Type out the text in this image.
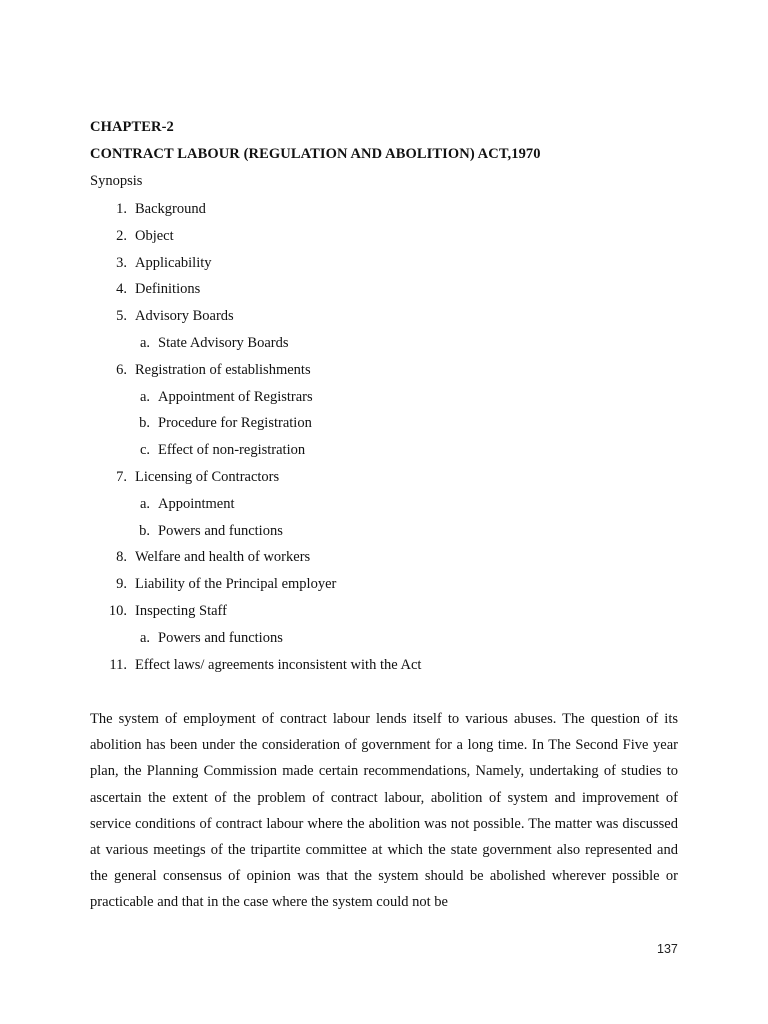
CHAPTER-2
CONTRACT LABOUR (REGULATION AND ABOLITION) ACT,1970
Synopsis
1. Background
2. Object
3. Applicability
4. Definitions
5. Advisory Boards
a. State Advisory Boards
6. Registration of establishments
a. Appointment of Registrars
b. Procedure for Registration
c. Effect of non-registration
7. Licensing of Contractors
a. Appointment
b. Powers and functions
8. Welfare and health of workers
9. Liability of the Principal employer
10. Inspecting Staff
a. Powers and functions
11. Effect laws/ agreements inconsistent with the Act

The system of employment of contract labour lends itself to various abuses. The question of its abolition has been under the consideration of government for a long time. In The Second Five year plan, the Planning Commission made certain recommendations, Namely, undertaking of studies to ascertain the extent of the problem of contract labour, abolition of system and improvement of service conditions of contract labour where the abolition was not possible. The matter was discussed at various meetings of the tripartite committee at which the state government also represented and the general consensus of opinion was that the system should be abolished wherever possible or practicable and that in the case where the system could not be

137
